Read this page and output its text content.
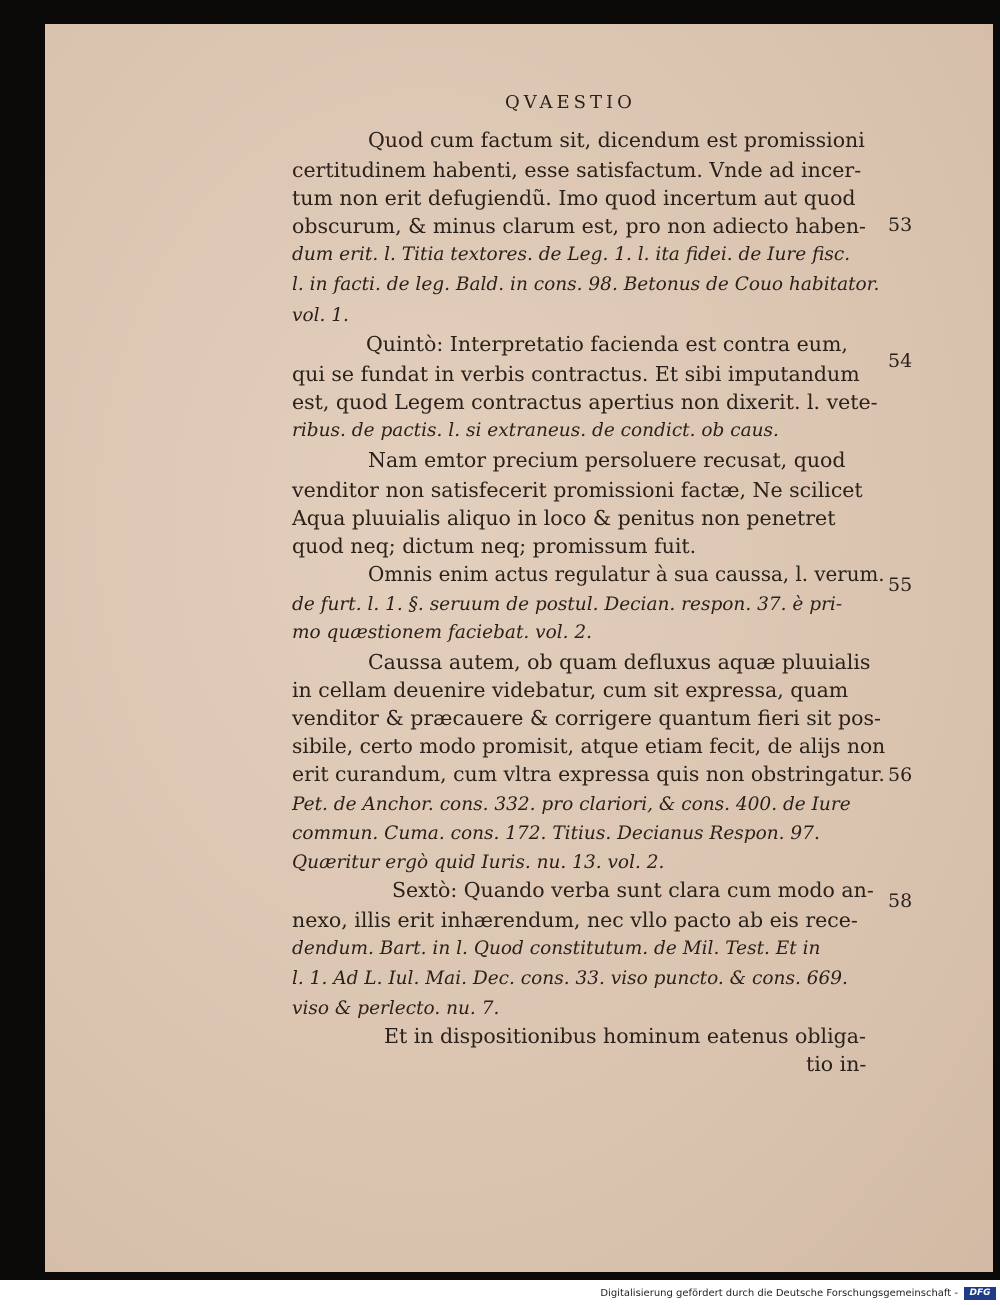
QVAESTIO
Quod cum factum sit, dicendum est promissioni
certitudinem habenti, esse satisfactum. Vnde ad incer-
tum non erit defugiendũ. Imo quod incertum aut quod
obscurum, & minus clarum est, pro non adiecto haben-
dum erit. l. Titia textores. de Leg. 1. l. ita fidei. de Iure fisc.
l. in facti. de leg. Bald. in cons. 98. Betonus de Couo habitator.
vol. 1.
Quintò: Interpretatio facienda est contra eum,
qui se fundat in verbis contractus. Et sibi imputandum
est, quod Legem contractus apertius non dixerit. l. vete-
ribus. de pactis. l. si extraneus. de condict. ob caus.
Nam emtor precium persoluere recusat, quod
venditor non satisfecerit promissioni factæ, Ne scilicet
Aqua pluuialis aliquo in loco & penitus non penetret
quod neq; dictum neq; promissum fuit.
Omnis enim actus regulatur à sua caussa, l. verum.
de furt. l. 1. §. seruum de postul. Decian. respon. 37. è pri-
mo quæstionem faciebat. vol. 2.
Caussa autem, ob quam defluxus aquæ pluuialis
in cellam deuenire videbatur, cum sit expressa, quam
venditor & præcauere & corrigere quantum fieri sit pos-
sibile, certo modo promisit, atque etiam fecit, de alijs non
erit curandum, cum vltra expressa quis non obstringatur.
Pet. de Anchor. cons. 332. pro clariori, & cons. 400. de Iure
commun. Cuma. cons. 172. Titius. Decianus Respon. 97.
Quæritur ergò quid Iuris. nu. 13. vol. 2.
Sextò: Quando verba sunt clara cum modo an-
nexo, illis erit inhærendum, nec vllo pacto ab eis rece-
dendum. Bart. in l. Quod constitutum. de Mil. Test. Et in
l. 1. Ad L. Iul. Mai. Dec. cons. 33. viso puncto. & cons. 669.
viso & perlecto. nu. 7.
Et in dispositionibus hominum eatenus obliga-
tio in-
53
54
55
56
58
Digitalisierung gefördert durch die Deutsche Forschungsgemeinschaft -	DFG
